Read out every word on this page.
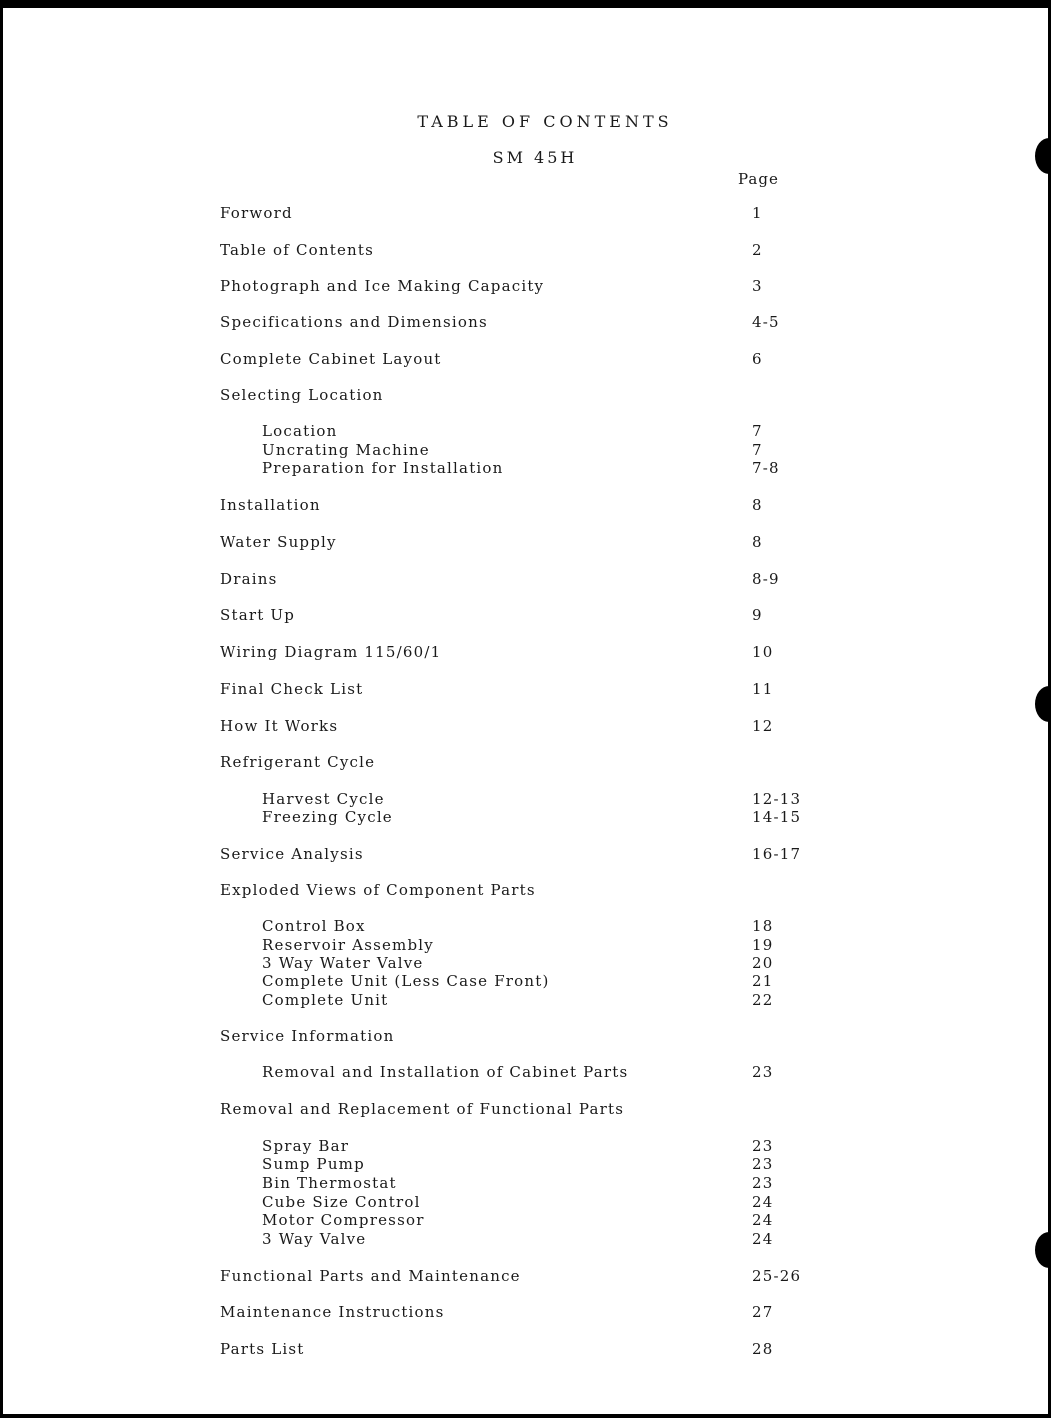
TABLE OF CONTENTS
SM 45H
Page
Forword	1
Table of Contents	2
Photograph and Ice Making Capacity	3
Specifications and Dimensions	4-5
Complete Cabinet Layout	6
Selecting Location
Location	7
Uncrating Machine	7
Preparation for Installation	7-8
Installation	8
Water Supply	8
Drains	8-9
Start Up	9
Wiring Diagram 115/60/1	10
Final Check List	11
How It Works	12
Refrigerant Cycle
Harvest Cycle	12-13
Freezing Cycle	14-15
Service Analysis	16-17
Exploded Views of Component Parts
Control Box	18
Reservoir Assembly	19
3 Way Water Valve	20
Complete Unit (Less Case Front)	21
Complete Unit	22
Service Information
Removal and Installation of Cabinet Parts	23
Removal and Replacement of Functional Parts
Spray Bar	23
Sump Pump	23
Bin Thermostat	23
Cube Size Control	24
Motor Compressor	24
3 Way Valve	24
Functional Parts and Maintenance	25-26
Maintenance Instructions	27
Parts List	28
